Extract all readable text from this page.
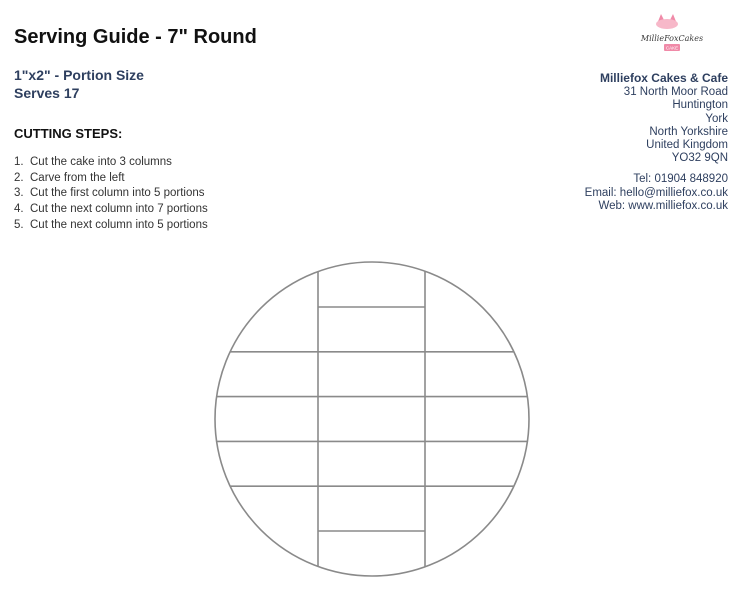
Serving Guide - 7" Round
1"x2" - Portion Size
Serves 17
CUTTING STEPS:
1. Cut the cake into 3 columns
2. Carve from the left
3. Cut the first column into 5 portions
4. Cut the next column into 7 portions
5. Cut the next column into 5 portions
MillieFoxCakes
CAKE
Milliefox Cakes & Cafe
31 North Moor Road
Huntington
York
North Yorkshire
United Kingdom
YO32 9QN
Tel: 01904 848920
Email: hello@milliefox.co.uk
Web: www.milliefox.co.uk
